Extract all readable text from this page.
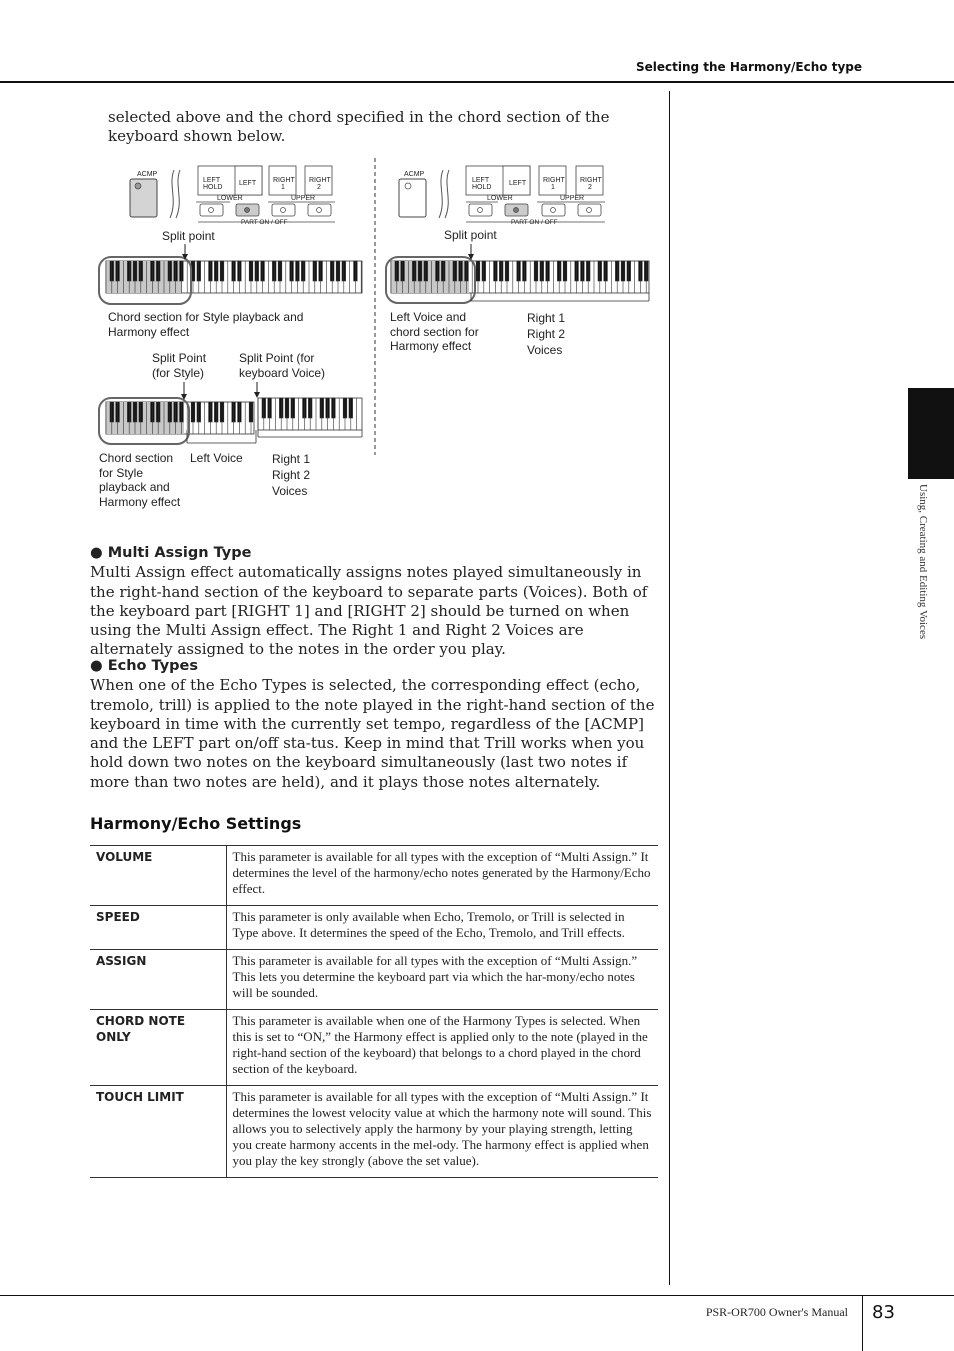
Selecting the Harmony/Echo type
Using, Creating and Editing Voices
selected above and the chord specified in the chord section of the keyboard shown below.
ACMP
LEFT
HOLD
LEFT RIGHT
1
RIGHT
2
LOWER	UPPER
PART ON / OFF
ACMP
LEFT
HOLD
LEFT RIGHT
1
RIGHT
2
LOWER	UPPER
PART ON / OFF
Split point	Split point
Chord section for Style playback and Harmony effect
Split Point (for Style)
Split Point (for keyboard Voice)
Chord section for Style playback and Harmony effect
Left Voice Right 1 Right 2 Voices
Left Voice and chord section for Harmony effect
Right 1 Right 2 Voices
● Multi Assign Type
Multi Assign effect automatically assigns notes played simultaneously in the right-hand section of the keyboard to separate parts (Voices). Both of the keyboard part [RIGHT 1] and [RIGHT 2] should be turned on when using the Multi Assign effect. The Right 1 and Right 2 Voices are alternately assigned to the notes in the order you play.
● Echo Types
When one of the Echo Types is selected, the corresponding effect (echo, tremolo, trill) is applied to the note played in the right-hand section of the keyboard in time with the currently set tempo, regardless of the [ACMP] and the LEFT part on/off sta-tus. Keep in mind that Trill works when you hold down two notes on the keyboard simultaneously (last two notes if more than two notes are held), and it plays those notes alternately.
Harmony/Echo Settings
VOLUME	This parameter is available for all types with the exception of “Multi Assign.” It determines the level of the harmony/echo notes generated by the Harmony/Echo effect.
SPEED	This parameter is only available when Echo, Tremolo, or Trill is selected in Type above. It determines the speed of the Echo, Tremolo, and Trill effects.
ASSIGN	This parameter is available for all types with the exception of “Multi Assign.” This lets you determine the keyboard part via which the har-mony/echo notes will be sounded.
CHORD NOTE ONLY	This parameter is available when one of the Harmony Types is selected. When this is set to “ON,” the Harmony effect is applied only to the note (played in the right-hand section of the keyboard) that belongs to a chord played in the chord section of the keyboard.
TOUCH LIMIT	This parameter is available for all types with the exception of “Multi Assign.” It determines the lowest velocity value at which the harmony note will sound. This allows you to selectively apply the harmony by your playing strength, letting you create harmony accents in the mel-ody. The harmony effect is applied when you play the key strongly (above the set value).
PSR-OR700 Owner's Manual 83
